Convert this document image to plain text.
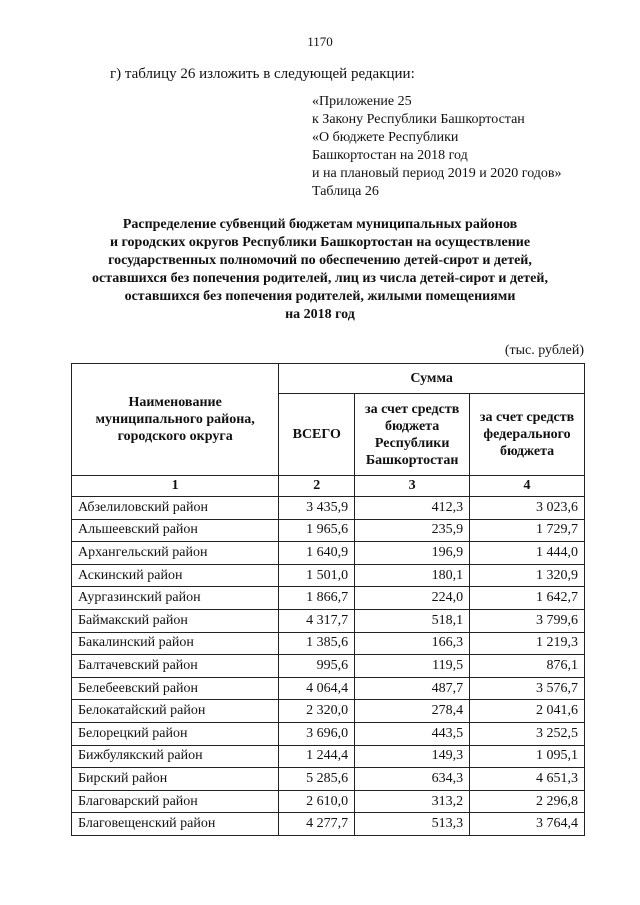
1170
г) таблицу 26 изложить в следующей редакции:
«Приложение 25
к Закону Республики Башкортостан
«О бюджете Республики
Башкортостан на 2018 год
и на плановый период 2019 и 2020 годов»
Таблица 26
Распределение субвенций бюджетам муниципальных районов
и городских округов Республики Башкортостан на осуществление
государственных полномочий по обеспечению детей-сирот и детей,
оставшихся без попечения родителей, лиц из числа детей-сирот и детей,
оставшихся без попечения родителей, жилыми помещениями
на 2018 год
(тыс. рублей)
Наименование муниципального района, городского округа	Сумма		
	ВСЕГО	за счет средств бюджета Республики Башкортостан	за счет средств федерального бюджета
1	2	3	4
Абзелиловский район	3 435,9	412,3	3 023,6
Альшеевский район	1 965,6	235,9	1 729,7
Архангельский район	1 640,9	196,9	1 444,0
Аскинский район	1 501,0	180,1	1 320,9
Аургазинский район	1 866,7	224,0	1 642,7
Баймакский район	4 317,7	518,1	3 799,6
Бакалинский район	1 385,6	166,3	1 219,3
Балтачевский район	995,6	119,5	876,1
Белебеевский район	4 064,4	487,7	3 576,7
Белокатайский район	2 320,0	278,4	2 041,6
Белорецкий район	3 696,0	443,5	3 252,5
Бижбулякский район	1 244,4	149,3	1 095,1
Бирский район	5 285,6	634,3	4 651,3
Благоварский район	2 610,0	313,2	2 296,8
Благовещенский район	4 277,7	513,3	3 764,4
